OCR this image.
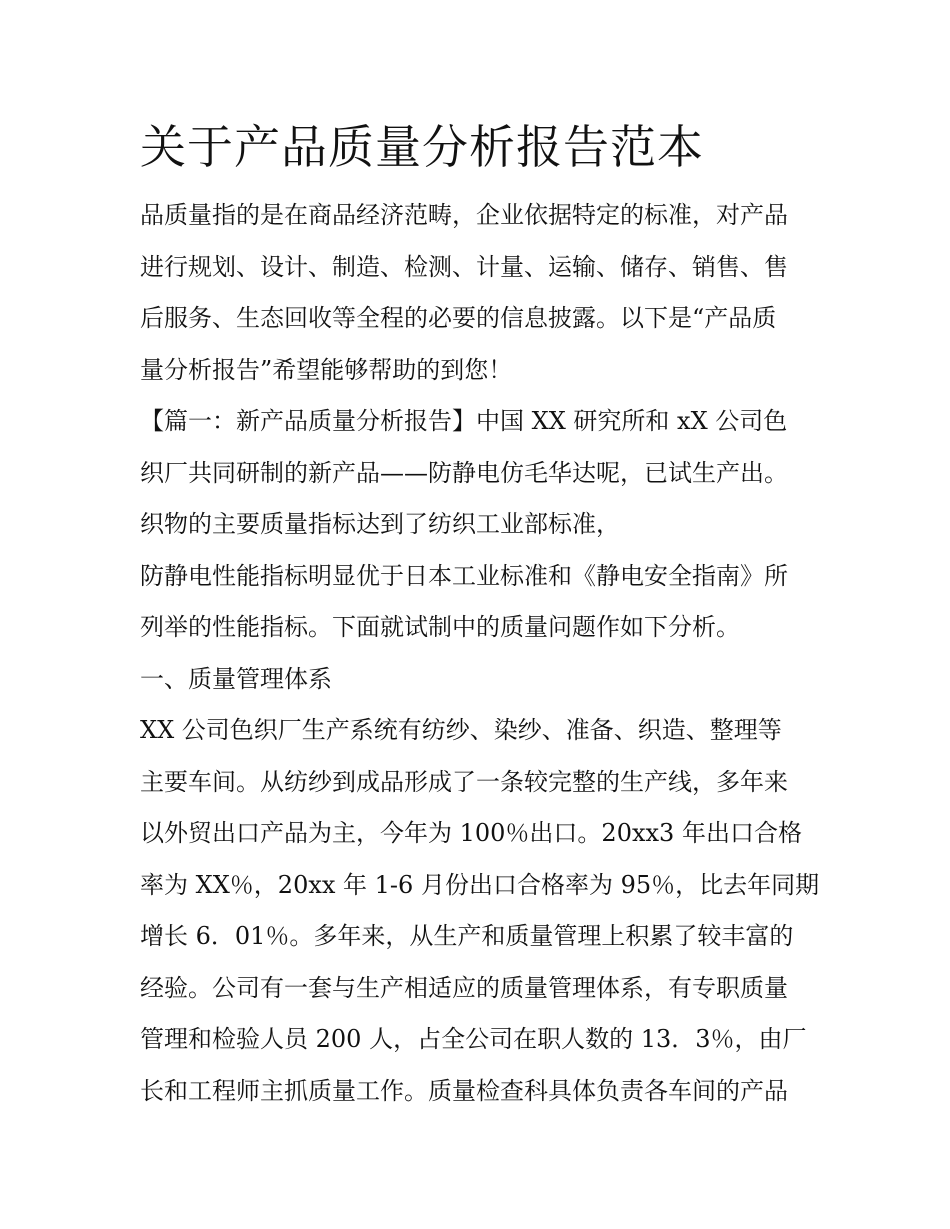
关于产品质量分析报告范本

品质量指的是在商品经济范畴，企业依据特定的标准，对产品

进行规划、设计、制造、检测、计量、运输、储存、销售、售

后服务、生态回收等全程的必要的信息披露。以下是“产品质

量分析报告”希望能够帮助的到您！

【篇一：新产品质量分析报告】中国 XX 研究所和 xX 公司色

织厂共同研制的新产品——防静电仿毛华达呢，已试生产出。

织物的主要质量指标达到了纺织工业部标准，

防静电性能指标明显优于日本工业标准和《静电安全指南》所

列举的性能指标。下面就试制中的质量问题作如下分析。

一、质量管理体系

XX 公司色织厂生产系统有纺纱、染纱、准备、织造、整理等

主要车间。从纺纱到成品形成了一条较完整的生产线，多年来

以外贸出口产品为主，今年为 100％出口。20xx3 年出口合格

率为 XX％，20xx 年 1-6 月份出口合格率为 95％，比去年同期

增长 6．01％。多年来，从生产和质量管理上积累了较丰富的

经验。公司有一套与生产相适应的质量管理体系，有专职质量

管理和检验人员 200 人，占全公司在职人数的 13．3％，由厂

长和工程师主抓质量工作。质量检查科具体负责各车间的产品
